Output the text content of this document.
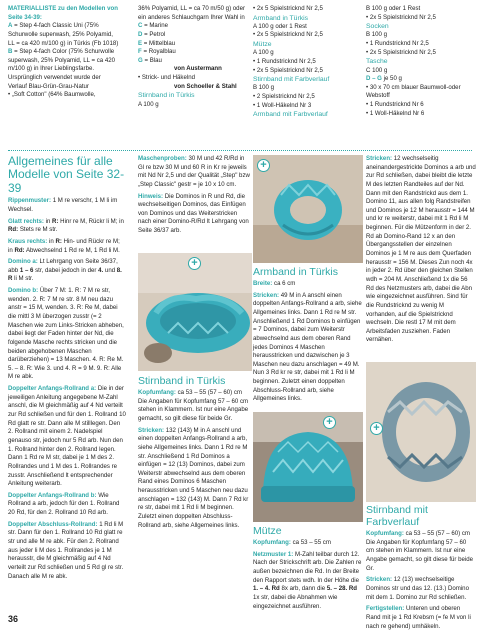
MATERIALLISTE zu den Modellen von Seite 34-39:
A = Step 4-fach Classic Uni (75% Schurwolle superwash, 25% Polyamid, LL = ca 420 m/100 g) in Türkis (Fb 1018)
B = Step 4-fach Color (75% Schurwolle superwash, 25% Polyamid, LL = ca 420 m/100 g) in Ihrer Lieblingsfarbe. Ursprünglich verwendet wurde der Verlauf Blau-Grün-Grau-Natur
• „Soft Cotton" (64% Baumwolle,
36% Polyamid, LL = ca 70 m/50 g) oder ein anderes Schlauchgarn Ihrer Wahl in
C = Marine
D = Petrol
E = Mittelblau
F = Royalblau
G = Blau
von Austermann
• Strick- und Häkelnd
von Schoeller & Stahl
Stirnband in Türkis
A 100 g
• 2x 5 Spielstricknd Nr 2,5
Armband in Türkis
A 100 g oder 1 Rest
• 2x 5 Spielstricknd Nr 2,5
Mütze
A 100 g
• 1 Rundstricknd Nr 2,5
• 2x 5 Spielstricknd Nr 2,5
Stirnband mit Farbverlauf
B 100 g
• 2 Spielstricknd Nr 2,5
• 1 Woll-Häkelnd Nr 3
Armband mit Farbverlauf
B 100 g oder 1 Rest
• 2x 5 Spielstricknd Nr 2,5
Socken
B 100 g
• 1 Rundstricknd Nr 2,5
• 2x 5 Spielstricknd Nr 2,5
Tasche
C 100 g
D – G je 50 g
• 30 x 70 cm blauer Baumwoll-oder Webstoff
• 1 Rundstricknd Nr 6
• 1 Woll-Häkelnd Nr 6
Allgemeines für alle Modelle von Seite 32-39

Rippenmuster: 1 M re verschr, 1 M li im Wechsel.

Glatt rechts: in R: Hinr re M, Rückr li M; in Rd: Stets re M str.

Kraus rechts: in R: Hin- und Rückr re M; in Rd: Abwechselnd 1 Rd re M, 1 Rd li M.

Domino a: Lt Lehrgang von Seite 36/37, abb 1 – 6 str, dabei jedoch in der 4. und 8. R li M str.

Domino b: Über 7 M: 1. R: 7 M re str, wenden. 2. R: 7 M re str. 8 M neu dazu anstr = 15 M, wenden. 3. R: Re M, dabei die mittl 3 M überzogen zusstr (= 2 Maschen wie zum Links-Stricken abheben, dabei liegt der Faden hinter der Nd, die folgende Masche rechts stricken und die beiden abgehobenen Maschen darüberziehen) = 13 Maschen. 4. R: Re M. 5. – 8. R: Wie 3. und 4. R = 9 M. 9. R: Alle M re abk.

Doppelter Anfangs-Rollrand a: Die in der jeweiligen Anleitung angegebene M-Zahl anschl, die M gleichmäßig auf 4 Nd verteilt zur Rd schließen und für den 1. Rollrand 10 Rd glatt re str. Dann alle M stilllegen. Den 2. Rollrand mit einem 2. Nadelspiel genauso str, jedoch nur 5 Rd arb. Nun den 1. Rollrand hinter den 2. Rollrand legen. Dann 1 Rd re M str, dabei je 1 M des 2. Rollrandes und 1 M des 1. Rollrandes re zusstr. Anschließend lt entsprechender Anleitung weiterarb.

Doppelter Anfangs-Rollrand b: Wie Rollrand a arb, jedoch für den 1. Rollrand 20 Rd, für den 2. Rollrand 10 Rd arb.

Doppelter Abschluss-Rollrand: 1 Rd li M str. Dann für den 1. Rollrand 10 Rd glatt re str und alle M re abk. Für den 2. Rollrand aus jeder li M des 1. Rollrandes je 1 M herausstr, die M gleichmäßig auf 4 Nd verteilt zur Rd schließen und 5 Rd gl re str. Danach alle M re abk.

Maschenproben: 30 M und 42 R/Rd in Gl re bzw 30 M und 60 R in Kr re jeweils mit Nd Nr 2,5 und der Qualität „Step" bzw „Step Classic" gestr = je 10 x 10 cm.

Hinweis: Die Dominos in R und Rd, die wechselseitigen Dominos, das Einfügen von Dominos und das Weiterstricken nach einer Domino-R/Rd lt Lehrgang von Seite 36/37 arb.

+
Stirnband in Türkis

Kopfumfang: ca 53 – 55 (57 – 60) cm
Die Angaben für Kopfumfang 57 – 60 cm stehen in Klammern. Ist nur eine Angabe gemacht, so gilt diese für beide Gr.

Stricken: 132 (143) M in A anschl und einen doppelten Anfangs-Rollrand a arb, siehe Allgemeines links. Dann 1 Rd re M str. Anschließend 1 Rd Dominos a einfügen = 12 (13) Dominos, dabei zum Weiterstr abwechselnd aus dem oberen Rand eines Dominos 6 Maschen herausstricken und 5 Maschen neu dazu anschlagen = 132 (143) M. Dann 7 Rd kr re str, dabei mit 1 Rd li M beginnen. Zuletzt einen doppelten Abschluss-Rollrand arb, siehe Allgemeines links.

+
Armband in Türkis

Breite: ca 6 cm

Stricken: 49 M in A anschl einen doppelten Anfangs-Rollrand a arb, siehe Allgemeines links. Dann 1 Rd re M str. Anschließend 1 Rd Dominos b einfügen = 7 Dominos, dabei zum Weiterstr abwechselnd aus dem oberen Rand jedes Dominos 4 Maschen herausstricken und dazwischen je 3 Maschen neu dazu anschlagen = 49 M. Nun 3 Rd kr re str, dabei mit 1 Rd li M beginnen. Zuletzt einen doppelten Abschluss-Rollrand arb, siehe Allgemeines links.

+
Mütze

Kopfumfang: ca 53 – 55 cm

Netzmuster 1: M-Zahl teilbar durch 12. Nach der Strickschrift arb. Die Zahlen re außen bezeichnen die Rd. In der Breite den Rapport stets wdh. In der Höhe die 1. – 4. Rd 8x arb, dann die 5. – 28. Rd 1x str, dabei die Abnahmen wie eingezeichnet ausführen.

Stricken: 12 wechselseitig aneinandergestrickte Dominos a arb und zur Rd schließen, dabei bleibt die letzte M des letzten Randteiles auf der Nd. Dann mit den Randstrickd aus dem 1. Domino 11, aus allen folg Randstreifen und Dominos je 12 M herausstr = 144 M und kr re weiterstr, dabei mit 1 Rd li M beginnen. Für die Mützenform in der 2. Rd ab Domino-Rand 12 x an den Übergangsstellen der einzelnen Dominos je 1 M re aus dem Querfaden herausstr = 156 M. Dieses Zun noch 4x in jeder 2. Rd über den gleichen Stellen wdh = 204 M. Anschließend 1x die 56 Rd des Netzmusters arb, dabei die Abn wie eingezeichnet ausführen. Sind für die Rundstricknd zu wenig M vorhanden, auf die Spielstricknd wechseln. Die restl 17 M mit dem Arbeitsfaden zusziehen. Faden vernähen.

+
Stirnband mit Farbverlauf

Kopfumfang: ca 53 – 55 (57 – 60) cm Die Angaben für Kopfumfang 57 – 60 cm stehen im Klammern. Ist nur eine Angabe gemacht, so gilt diese für beide Gr.

Stricken: 12 (13) wechselseitige Dominos str und das 12. (13.) Domino mit dem 1. Domino zur Rd schließen.

Fertigstellen: Unteren und oberen Rand mit je 1 Rd Krebsm (= fe M von li nach re gehend) umhäkeln.

36
